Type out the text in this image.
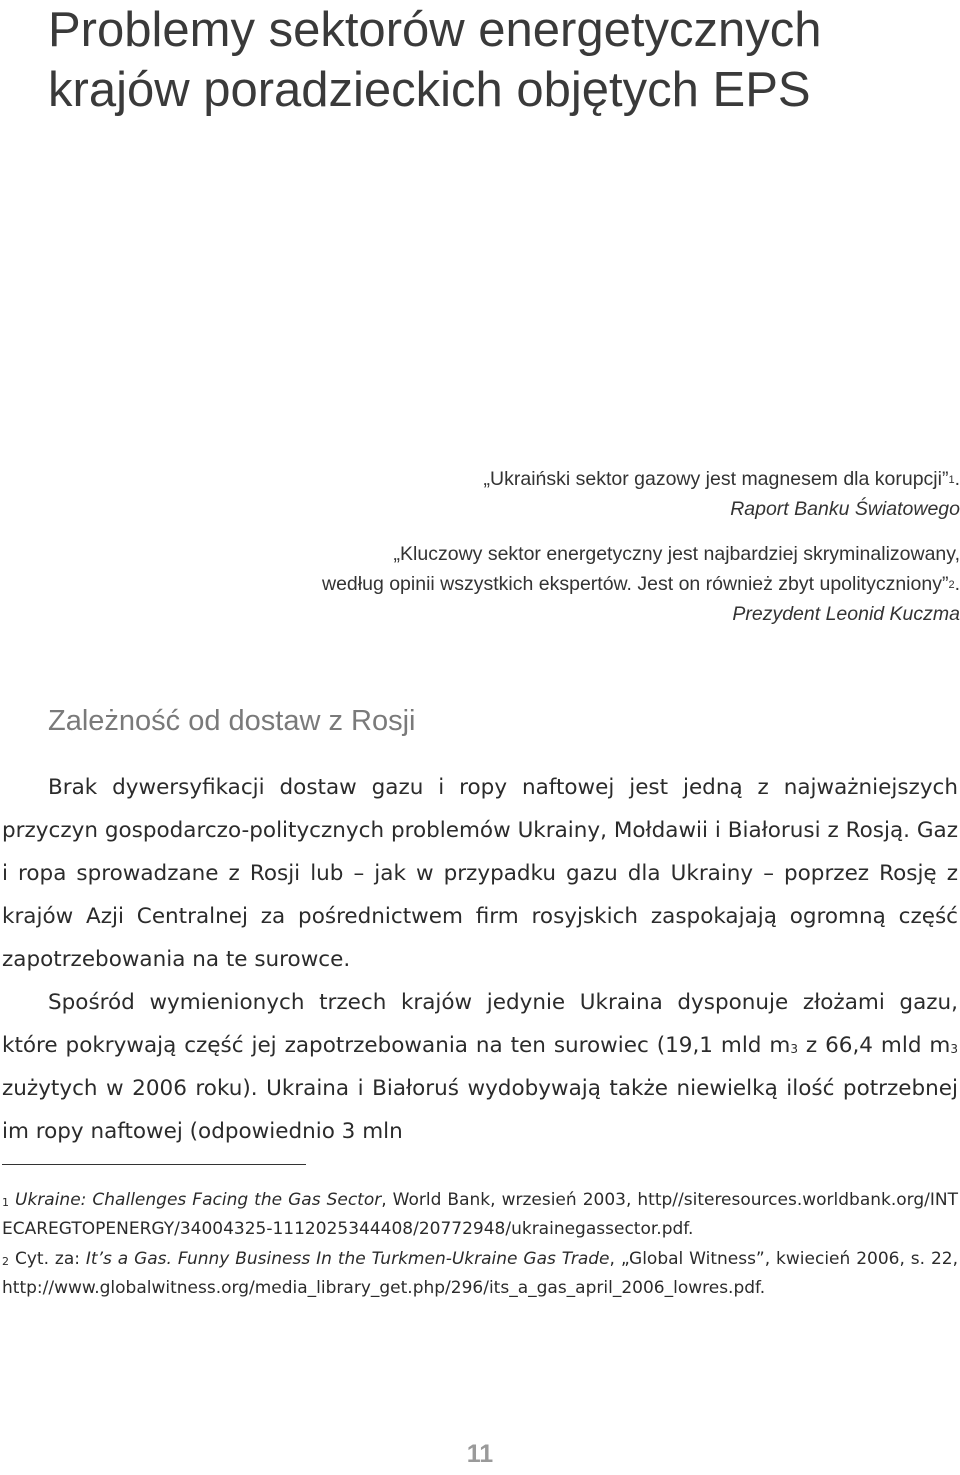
Problemy sektorów energetycznych
krajów poradzieckich objętych EPS
„Ukraiński sektor gazowy jest magnesem dla korupcji”$^1$.
Raport Banku Światowego
„Kluczowy sektor energetyczny jest najbardziej skryminalizowany,
według opinii wszystkich ekspertów. Jest on również zbyt upolityczniony”$^2$.
Prezydent Leonid Kuczma
Zależność od dostaw z Rosji

Brak dywersyfikacji dostaw gazu i ropy naftowej jest jedną z najważniejszych przyczyn gospodarczo-politycznych problemów Ukrainy, Mołdawii i Białorusi z Rosją. Gaz i ropa sprowadzane z Rosji lub – jak w przypadku gazu dla Ukrainy – poprzez Rosję z krajów Azji Centralnej za pośrednictwem firm rosyjskich zaspokajają ogromną część zapotrzebowania na te surowce.

Spośród wymienionych trzech krajów jedynie Ukraina dysponuje złożami gazu, które pokrywają część jej zapotrzebowania na ten surowiec (19,1 mld $m^3$ z 66,4 mld $m^3$ zużytych w 2006 roku). Ukraina i Białoruś wydobywają także niewielką ilość potrzebnej im ropy naftowej (odpowiednio 3 mln

$^1$ Ukraine: Challenges Facing the Gas Sector, World Bank, wrzesień 2003, http//siteresources.worldbank.org/INTECAREGTOPENERGY/34004325-1112025344408/20772948/ukrainegassector.pdf.

$^2$ Cyt. za: It’s a Gas. Funny Business In the Turkmen-Ukraine Gas Trade, „Global Witness”, kwiecień 2006, s. 22, http://www.globalwitness.org/media_library_get.php/296/its_a_gas_april_2006_lowres.pdf.

11
